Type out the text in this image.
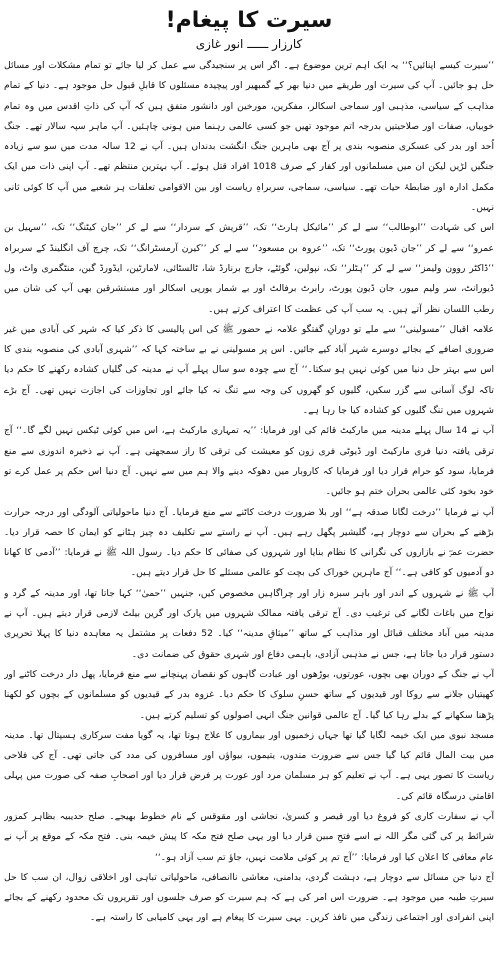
سیرت کا پیغام!
کارزار ــــــ انور غازی

’’سیرت کیسے اپنائیں؟‘‘ یہ ایک اہم ترین موضوع ہے۔ اگر اس پر سنجیدگی سے عمل کر لیا جائے تو تمام مشکلات اور مسائل حل ہو جائیں۔ آپ کی سیرت اور طریقے میں دنیا بھر کے گمبھیر اور پیچیدہ مسئلوں کا قابلِ قبول حل موجود ہے۔ دنیا کے تمام مذاہب کے سیاسی، مذہبی اور سماجی اسکالر، مفکرین، مورخین اور دانشور متفق ہیں کہ آپ کی ذاتِ اقدس میں وہ تمام خوبیاں، صفات اور صلاحیتیں بدرجہ اتم موجود تھیں جو کسی عالمی رہنما میں ہونی چاہئیں۔ آپ ماہر سپہ سالار تھے۔ جنگ اُحد اور بدر کی عسکری منصوبہ بندی پر آج بھی ماہرین جنگ انگشت بدنداں ہیں۔ آپ نے 12 سالہ مدت میں سو سے زیادہ جنگیں لڑیں لیکن ان میں مسلمانوں اور کفار کے صرف 1018 افراد قتل ہوئے۔ آپ بہترین منتظم تھے۔ آپ اپنی ذات میں ایک مکمل ادارہ اور ضابطۂ حیات تھے۔ سیاسی، سماجی، سربراہِ ریاست اور بین الاقوامی تعلقات ہر شعبے میں آپ کا کوئی ثانی نہیں۔

اس کی شہادت ’’ابوطالب‘‘ سے لے کر ’’مائیکل ہارٹ‘‘ تک، ’’قریش کے سردار‘‘ سے لے کر ’’جان کیٹنگ‘‘ تک، ’’سہیل بن عمرو‘‘ سے لے کر ’’جان ڈیون پورٹ‘‘ تک، ’’عروہ بن مسعود‘‘ سے لے کر ’’کیرن آرمسٹرانگ‘‘ تک، چرچ آف انگلینڈ کے سربراہ ’’ڈاکٹر روون ولیمز‘‘ سے لے کر ’’ہٹلر‘‘ تک، نپولین، گوئٹے، جارج برنارڈ شا، ٹالسٹائی، لامارٹین، ایڈورڈ گبن، منٹگمری واٹ، ول ڈیورانٹ، سر ولیم میور، جان ڈیون پورٹ، رابرٹ برفالٹ اور بے شمار یورپی اسکالر اور مستشرقین بھی آپ کی شان میں رطب اللسان نظر آتے ہیں۔ یہ سب آپ کی عظمت کا اعتراف کرتے ہیں۔

علامہ اقبال ’’مسولینی‘‘ سے ملے تو دورانِ گفتگو علامہ نے حضور ﷺ کی اس پالیسی کا ذکر کیا کہ شہر کی آبادی میں غیر ضروری اضافے کے بجائے دوسرے شہر آباد کیے جائیں۔ اس پر مسولینی نے بے ساختہ کہا کہ ’’شہری آبادی کی منصوبہ بندی کا اس سے بہتر حل دنیا میں کوئی نہیں ہو سکتا۔‘‘ آج سے چودہ سو سال پہلے آپ نے مدینہ کی گلیاں کشادہ رکھنے کا حکم دیا تاکہ لوگ آسانی سے گزر سکیں، گلیوں کو گھروں کی وجہ سے تنگ نہ کیا جائے اور تجاوزات کی اجازت نہیں تھی۔ آج بڑے شہروں میں تنگ گلیوں کو کشادہ کیا جا رہا ہے۔

آپ نے 14 سال پہلے مدینہ میں مارکیٹ قائم کی اور فرمایا: ’’یہ تمہاری مارکیٹ ہے، اس میں کوئی ٹیکس نہیں لگے گا۔‘‘ آج ترقی یافتہ دنیا فری مارکیٹ اور ڈیوٹی فری زون کو معیشت کی ترقی کا راز سمجھتی ہے۔ آپ نے ذخیرہ اندوزی سے منع فرمایا، سود کو حرام قرار دیا اور فرمایا کہ کاروبار میں دھوکہ دینے والا ہم میں سے نہیں۔ آج دنیا اس حکم پر عمل کرے تو خود بخود کئی عالمی بحران ختم ہو جائیں۔

آپ نے فرمایا ’’درخت لگانا صدقہ ہے‘‘ اور بلا ضرورت درخت کاٹنے سے منع فرمایا۔ آج دنیا ماحولیاتی آلودگی اور درجہ حرارت بڑھنے کے بحران سے دوچار ہے، گلیشیر پگھل رہے ہیں۔ آپ نے راستے سے تکلیف دہ چیز ہٹانے کو ایمان کا حصہ قرار دیا۔ حضرت عمرؓ نے بازاروں کی نگرانی کا نظام بنایا اور شہروں کی صفائی کا حکم دیا۔ رسول اللہ ﷺ نے فرمایا: ’’آدمی کا کھانا دو آدمیوں کو کافی ہے۔‘‘ آج ماہرین خوراک کی بچت کو عالمی مسئلے کا حل قرار دیتے ہیں۔

آپ ﷺ نے شہروں کے اندر اور باہر سبزہ زار اور چراگاہیں مخصوص کیں، جنہیں ’’حمیٰ‘‘ کہا جاتا تھا، اور مدینہ کے گرد و نواح میں باغات لگانے کی ترغیب دی۔ آج ترقی یافتہ ممالک شہروں میں پارک اور گرین بیلٹ لازمی قرار دیتے ہیں۔ آپ نے مدینہ میں آباد مختلف قبائل اور مذاہب کے ساتھ ’’میثاقِ مدینہ‘‘ کیا۔ 52 دفعات پر مشتمل یہ معاہدہ دنیا کا پہلا تحریری دستور قرار دیا جاتا ہے، جس نے مذہبی آزادی، باہمی دفاع اور شہری حقوق کی ضمانت دی۔

آپ نے جنگ کے دوران بھی بچوں، عورتوں، بوڑھوں اور عبادت گاہوں کو نقصان پہنچانے سے منع فرمایا، پھل دار درخت کاٹنے اور کھیتیاں جلانے سے روکا اور قیدیوں کے ساتھ حسنِ سلوک کا حکم دیا۔ غزوہ بدر کے قیدیوں کو مسلمانوں کے بچوں کو لکھنا پڑھنا سکھانے کے بدلے رہا کیا گیا۔ آج عالمی قوانین جنگ انہی اصولوں کو تسلیم کرتے ہیں۔

مسجد نبوی میں ایک خیمہ لگایا گیا تھا جہاں زخمیوں اور بیماروں کا علاج ہوتا تھا، یہ گویا مفت سرکاری ہسپتال تھا۔ مدینہ میں بیت المال قائم کیا گیا جس سے ضرورت مندوں، یتیموں، بیواؤں اور مسافروں کی مدد کی جاتی تھی۔ آج کی فلاحی ریاست کا تصور یہی ہے۔ آپ نے تعلیم کو ہر مسلمان مرد اور عورت پر فرض قرار دیا اور اصحابِ صفہ کی صورت میں پہلی اقامتی درسگاہ قائم کی۔

آپ نے سفارت کاری کو فروغ دیا اور قیصر و کسریٰ، نجاشی اور مقوقس کے نام خطوط بھیجے۔ صلح حدیبیہ بظاہر کمزور شرائط پر کی گئی مگر اللہ نے اسے فتحِ مبین قرار دیا اور یہی صلح فتح مکہ کا پیش خیمہ بنی۔ فتح مکہ کے موقع پر آپ نے عام معافی کا اعلان کیا اور فرمایا: ’’آج تم پر کوئی ملامت نہیں، جاؤ تم سب آزاد ہو۔‘‘

آج دنیا جن مسائل سے دوچار ہے، دہشت گردی، بدامنی، معاشی ناانصافی، ماحولیاتی تباہی اور اخلاقی زوال، ان سب کا حل سیرتِ طیبہ میں موجود ہے۔ ضرورت اس امر کی ہے کہ ہم سیرت کو صرف جلسوں اور تقریروں تک محدود رکھنے کے بجائے اپنی انفرادی اور اجتماعی زندگی میں نافذ کریں۔ یہی سیرت کا پیغام ہے اور یہی کامیابی کا راستہ ہے۔
